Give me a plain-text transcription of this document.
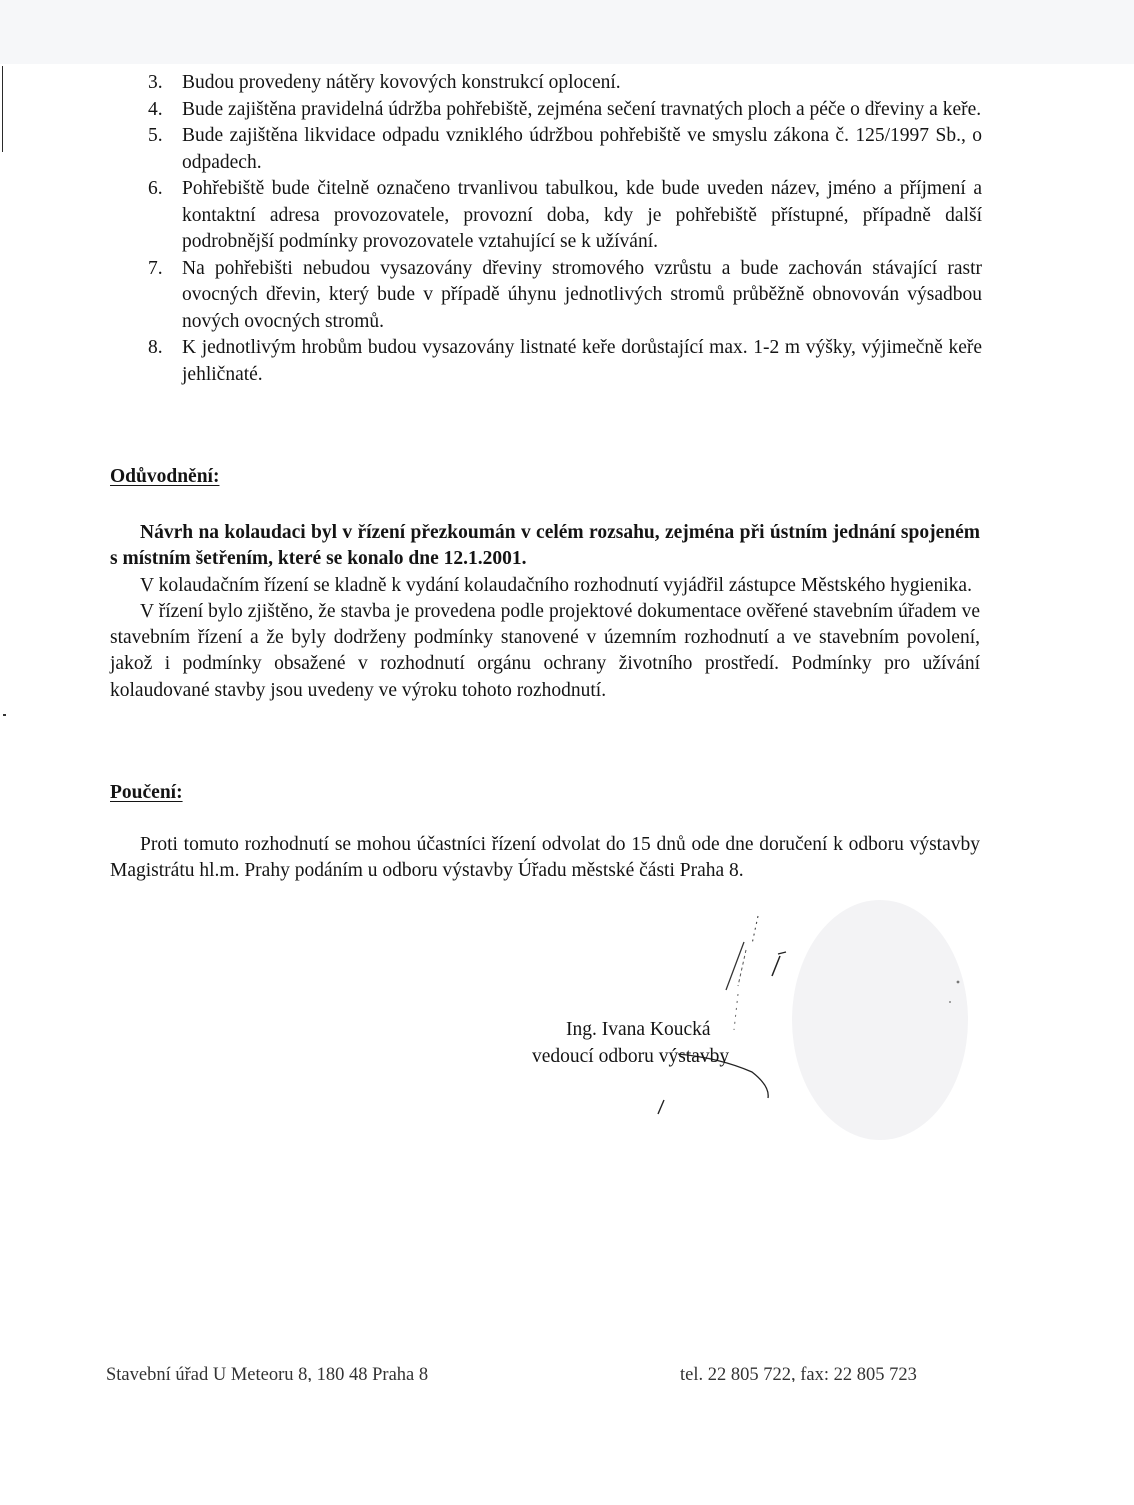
3. Budou provedeny nátěry kovových konstrukcí oplocení.
4. Bude zajištěna pravidelná údržba pohřebiště, zejména sečení travnatých ploch a péče o dřeviny a keře.
5. Bude zajištěna likvidace odpadu vzniklého údržbou pohřebiště ve smyslu zákona č. 125/1997 Sb., o odpadech.
6. Pohřebiště bude čitelně označeno trvanlivou tabulkou, kde bude uveden název, jméno a příjmení a kontaktní adresa provozovatele, provozní doba, kdy je pohřebiště přístupné, případně další podrobnější podmínky provozovatele vztahující se k užívání.
7. Na pohřebišti nebudou vysazovány dřeviny stromového vzrůstu a bude zachován stávající rastr ovocných dřevin, který bude v případě úhynu jednotlivých stromů průběžně obnovován výsadbou nových ovocných stromů.
8. K jednotlivým hrobům budou vysazovány listnaté keře dorůstající max. 1-2 m výšky, výjimečně keře jehličnaté.
Odůvodnění:

Návrh na kolaudaci byl v řízení přezkoumán v celém rozsahu, zejména při ústním jednání spojeném s místním šetřením, které se konalo dne 12.1.2001.

V kolaudačním řízení se kladně k vydání kolaudačního rozhodnutí vyjádřil zástupce Městského hygienika.

V řízení bylo zjištěno, že stavba je provedena podle projektové dokumentace ověřené stavebním úřadem ve stavebním řízení a že byly dodrženy podmínky stanovené v územním rozhodnutí a ve stavebním povolení, jakož i podmínky obsažené v rozhodnutí orgánu ochrany životního prostředí. Podmínky pro užívání kolaudované stavby jsou uvedeny ve výroku tohoto rozhodnutí.

Poučení:

Proti tomuto rozhodnutí se mohou účastníci řízení odvolat do 15 dnů ode dne doručení k odboru výstavby Magistrátu hl.m. Prahy podáním u odboru výstavby Úřadu městské části Praha 8.

Ing. Ivana Koucká
vedoucí odboru výstavby
Stavební úřad U Meteoru 8, 180 48 Praha 8	tel. 22 805 722, fax: 22 805 723
